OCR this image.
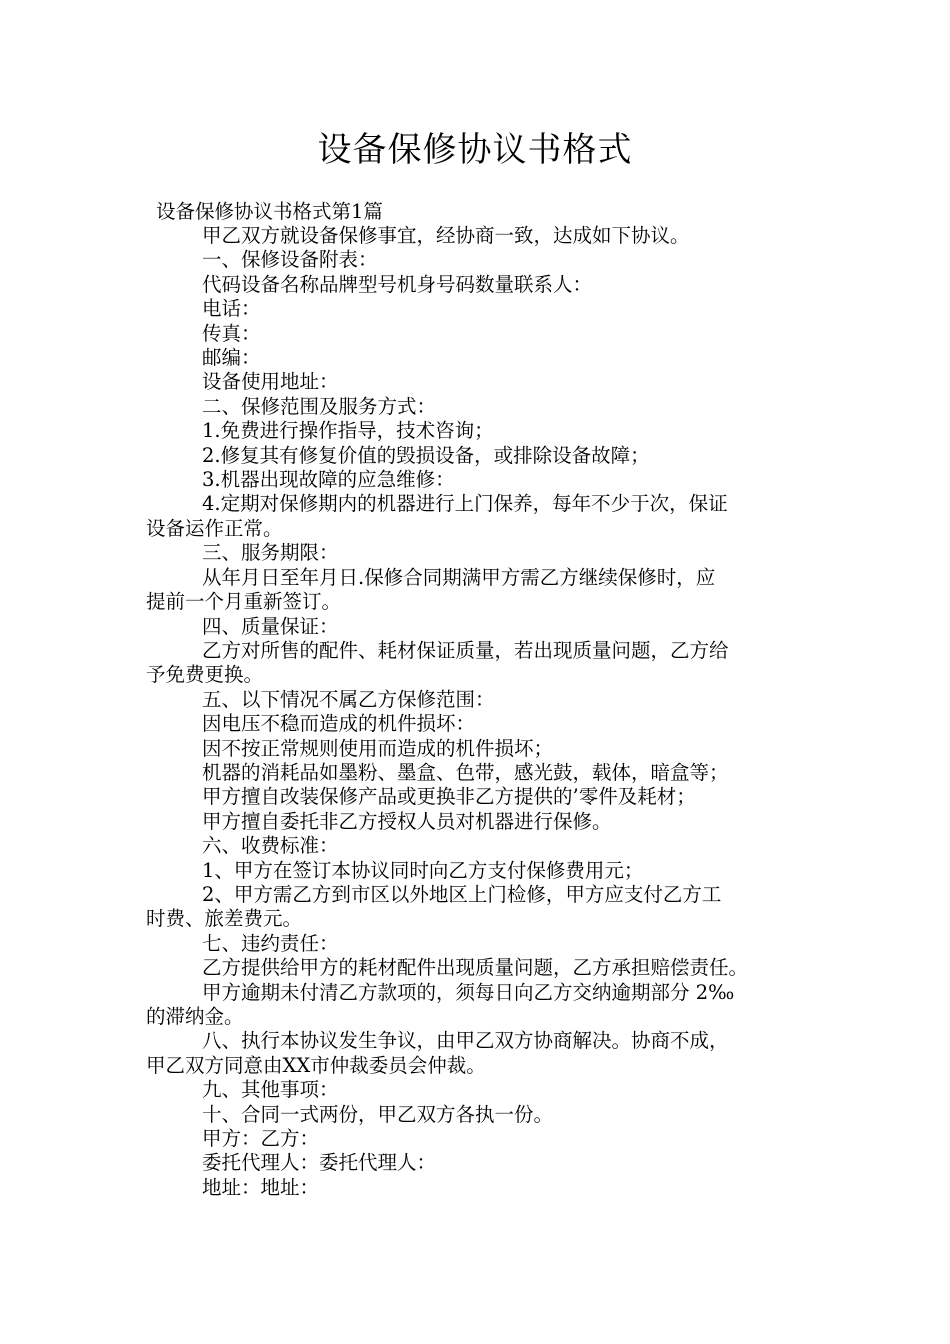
设备保修协议书格式
设备保修协议书格式第1篇
甲乙双方就设备保修事宜，经协商一致，达成如下协议。
一、保修设备附表：
代码设备名称品牌型号机身号码数量联系人：
电话：
传真：
邮编：
设备使用地址：
二、保修范围及服务方式：
1.免费进行操作指导，技术咨询；
2.修复其有修复价值的毁损设备，或排除设备故障；
3.机器出现故障的应急维修：
4.定期对保修期内的机器进行上门保养，每年不少于次，保证
设备运作正常。
三、服务期限：
从年月日至年月日.保修合同期满甲方需乙方继续保修时，应
提前一个月重新签订。
四、质量保证：
乙方对所售的配件、耗材保证质量，若出现质量问题，乙方给
予免费更换。
五、以下情况不属乙方保修范围：
因电压不稳而造成的机件损坏：
因不按正常规则使用而造成的机件损坏；
机器的消耗品如墨粉、墨盒、色带，感光鼓，载体，暗盒等；
甲方擅自改装保修产品或更换非乙方提供的’零件及耗材；
甲方擅自委托非乙方授权人员对机器进行保修。
六、收费标准：
1、甲方在签订本协议同时向乙方支付保修费用元；
2、甲方需乙方到市区以外地区上门检修，甲方应支付乙方工
时费、旅差费元。
七、违约责任：
乙方提供给甲方的耗材配件出现质量问题，乙方承担赔偿责任。
甲方逾期未付清乙方款项的，须每日向乙方交纳逾期部分 2‰
的滞纳金。
八、执行本协议发生争议，由甲乙双方协商解决。协商不成，
甲乙双方同意由XX市仲裁委员会仲裁。
九、其他事项：
十、合同一式两份，甲乙双方各执一份。
甲方：乙方：
委托代理人：委托代理人：
地址：地址：
